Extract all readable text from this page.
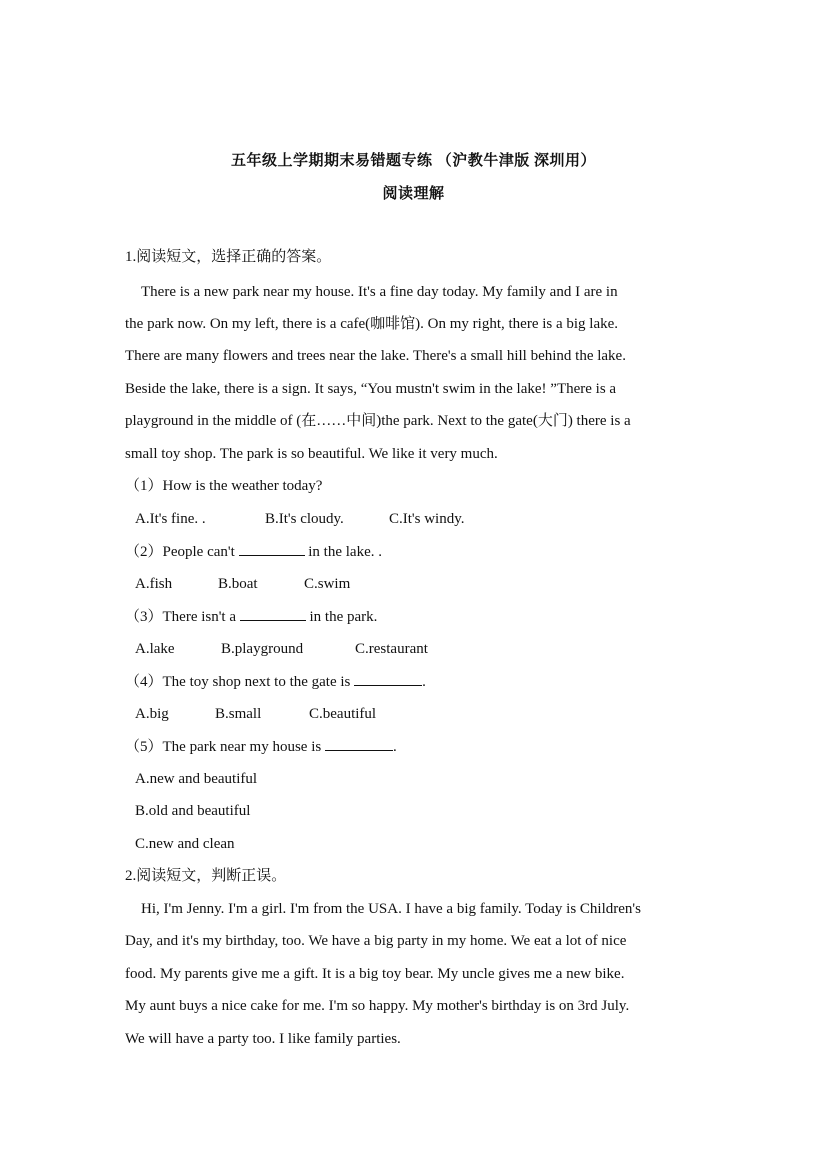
五年级上学期期末易错题专练 （沪教牛津版 深圳用）
阅读理解
1.阅读短文，选择正确的答案。
There is a new park near my house. It's a fine day today. My family and I are in
the park now. On my left, there is a cafe(咖啡馆). On my right, there is a big lake.
There are many flowers and trees near the lake. There's a small hill behind the lake.
Beside the lake, there is a sign. It says, “You mustn't swim in the lake! ”There is a
playground in the middle of (在……中间)the park. Next to the gate(大门) there is a
small toy shop. The park is so beautiful. We like it very much.
（1）How is the weather today?
A.It's fine. .	B.It's cloudy.	C.It's windy.
（2）People can't	in the lake. .
A.fish	B.boat	C.swim
（3）There isn't a	in the park.
A.lake	B.playground	C.restaurant
（4）The toy shop next to the gate is	.
A.big	B.small	C.beautiful
（5）The park near my house is	.
A.new and beautiful
B.old and beautiful
C.new and clean
2.阅读短文，判断正误。
Hi, I'm Jenny. I'm a girl. I'm from the USA. I have a big family. Today is Children's
Day, and it's my birthday, too. We have a big party in my home. We eat a lot of nice
food. My parents give me a gift. It is a big toy bear. My uncle gives me a new bike.
My aunt buys a nice cake for me. I'm so happy. My mother's birthday is on 3rd July.
We will have a party too. I like family parties.
